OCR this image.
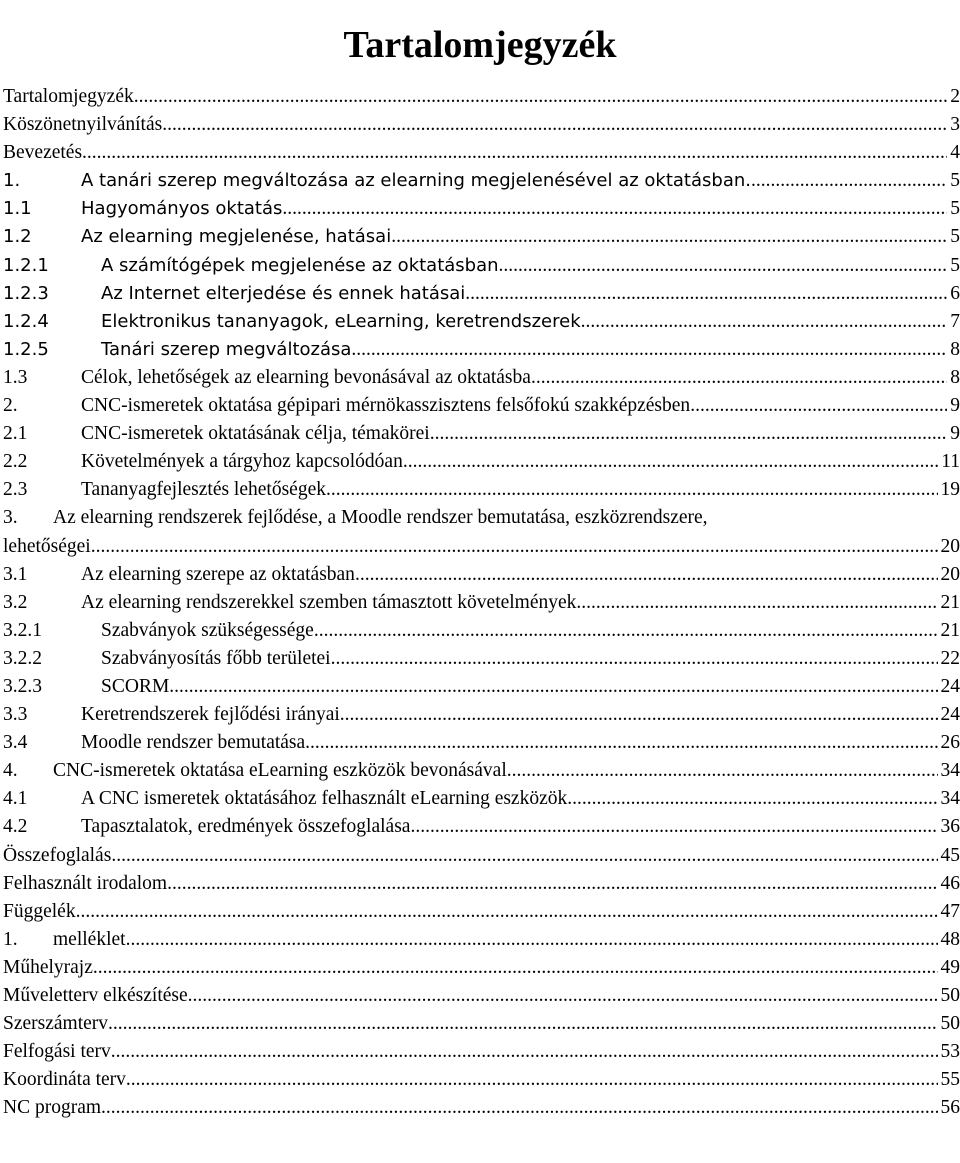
Tartalomjegyzék
Tartalomjegyzék .....	2
Köszönetnyilvánítás .....	3
Bevezetés .....	4
1.	A tanári szerep megváltozása az elearning megjelenésével az oktatásban. .....	5
1.1	Hagyományos oktatás .....	5
1.2	Az elearning megjelenése, hatásai .....	5
1.2.1	A számítógépek megjelenése az oktatásban .....	5
1.2.3	Az Internet elterjedése és ennek hatásai .....	6
1.2.4	Elektronikus tananyagok, eLearning, keretrendszerek .....	7
1.2.5	Tanári szerep megváltozása .....	8
1.3	Célok, lehetőségek az elearning bevonásával az oktatásba .....	8
2.	CNC-ismeretek oktatása gépipari mérnökasszisztens felsőfokú szakképzésben .....	9
2.1	CNC-ismeretek oktatásának célja, témakörei .....	9
2.2	Követelmények a tárgyhoz kapcsolódóan .....	11
2.3	Tananyagfejlesztés lehetőségek .....	19
3.	Az elearning rendszerek fejlődése, a Moodle rendszer bemutatása, eszközrendszere,
lehetőségei .....	20
3.1	Az elearning szerepe az oktatásban .....	20
3.2	Az elearning rendszerekkel szemben támasztott követelmények .....	21
3.2.1	Szabványok szükségessége .....	21
3.2.2	Szabványosítás főbb területei .....	22
3.2.3	SCORM .....	24
3.3	Keretrendszerek fejlődési irányai .....	24
3.4	Moodle rendszer bemutatása .....	26
4.	CNC-ismeretek oktatása eLearning eszközök bevonásával. .....	34
4.1	A CNC ismeretek oktatásához felhasznált eLearning eszközök .....	34
4.2	Tapasztalatok, eredmények összefoglalása .....	36
Összefoglalás .....	45
Felhasznált irodalom .....	46
Függelék .....	47
1.	melléklet .....	48
Műhelyrajz .....	49
Műveletterv elkészítése .....	50
Szerszámterv .....	50
Felfogási terv .....	53
Koordináta terv .....	55
NC program .....	56
